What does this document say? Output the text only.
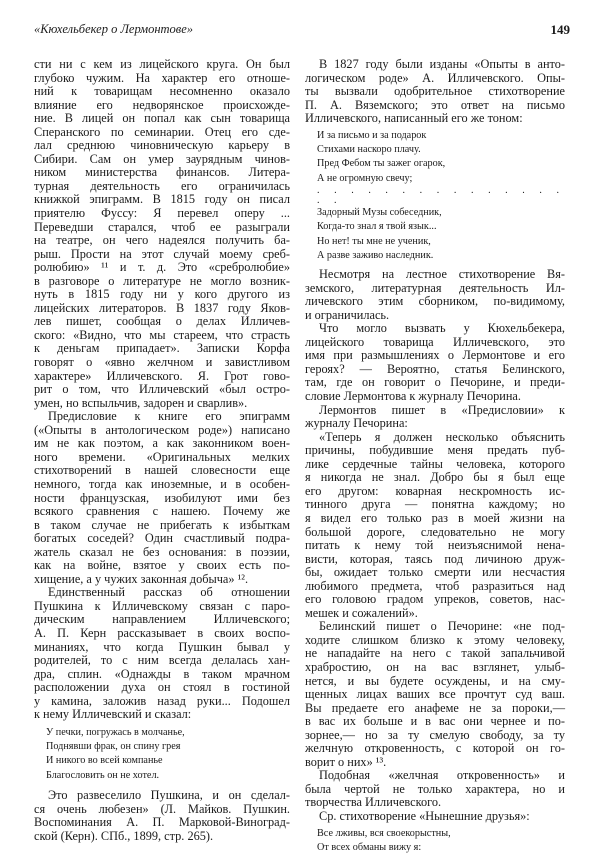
«Кюхельбекер о Лермонтове»	149
сти ни с кем из лицейского круга. Он был
глубоко чужим. На характер его отноше-
ний к товарищам несомненно оказало
влияние его недворянское происхожде-
ние. В лицей он попал как сын товарища
Сперанского по семинарии. Отец его сде-
лал среднюю чиновническую карьеру в
Сибири. Сам он умер заурядным чинов-
ником министерства финансов. Литера-
турная деятельность его ограничилась
книжкой эпиграмм. В 1815 году он писал
приятелю Фуссу: Я перевел оперу ...
Переведши старался, чтоб ее разыграли
на театре, он чего надеялся получить ба-
рыш. Прости на этот случай моему среб-
ролюбию» ¹¹ и т. д. Это «сребролюбие»
в разговоре о литературе не могло возник-
нуть в 1815 году ни у кого другого из
лицейских литераторов. В 1837 году Яков-
лев пишет, сообщая о делах Илличев-
ского: «Видно, что мы стареем, что страсть
к деньгам припадает». Записки Корфа
говорят о «явно желчном и завистливом
характере» Илличевского. Я. Грот гово-
рит о том, что Илличевский «был остро-
умен, но вспыльчив, задорен и сварлив».
Предисловие к книге его эпиграмм
(«Опыты в антологическом роде») написано
им не как поэтом, а как законником воен-
ного времени. «Оригинальных мелких
стихотворений в нашей словесности еще
немного, тогда как иноземные, и в особен-
ности французская, изобилуют ими без
всякого сравнения с нашею. Почему же
в таком случае не прибегать к избыткам
богатых соседей? Один счастливый подра-
жатель сказал не без основания: в поэзии,
как на войне, взятое у своих есть по-
хищение, а у чужих законная добыча» ¹².
Единственный рассказ об отношении
Пушкина к Илличевскому связан с паро-
дическим направлением Илличевского;
А. П. Керн рассказывает в своих воспо-
минаниях, что когда Пушкин бывал у
родителей, то с ним всегда делалась хан-
дра, сплин. «Однажды в таком мрачном
расположении духа он стоял в гостиной
у камина, заложив назад руки... Подошел
к нему Илличевский и сказал:
У печки, погружась в молчанье,
Поднявши фрак, он спину грея
И никого во всей компанье
Благословить он не хотел.
Это развеселило Пушкина, и он сделал-
ся очень любезен» (Л. Майков. Пушкин.
Воспоминания А. П. Марковой-Виноград-
ской (Керн). СПб., 1899, стр. 265).
В 1827 году были изданы «Опыты в анто-
логическом роде» А. Илличевского. Опы-
ты вызвали одобрительное стихотворение
П. А. Вяземского; это ответ на письмо
Илличевского, написанный его же тоном:
И за письмо и за подарок
Стихами наскоро плачу.
Пред Фебом ты зажег огарок,
А не огромную свечу;
. . . . . . . . . . . . . . . . .
Задорный Музы собеседник,
Когда-то знал я твой язык...
Но нет! ты мне не ученик,
А разве заживо наследник.
Несмотря на лестное стихотворение Вя-
земского, литературная деятельность Ил-
личевского этим сборником, по-видимому,
и ограничилась.
Что могло вызвать у Кюхельбекера,
лицейского товарища Илличевского, это
имя при размышлениях о Лермонтове и его
героях? — Вероятно, статья Белинского,
там, где он говорит о Печорине, и преди-
словие Лермонтова к журналу Печорина.
Лермонтов пишет в «Предисловии» к
журналу Печорина:
«Теперь я должен несколько объяснить
причины, побудившие меня предать пуб-
лике сердечные тайны человека, которого
я никогда не знал. Добро бы я был еще
его другом: коварная нескромность ис-
тинного друга — понятна каждому; но
я видел его только раз в моей жизни на
большой дороге, следовательно не могу
питать к нему той неизъяснимой нена-
висти, которая, таясь под личиною друж-
бы, ожидает только смерти или несчастия
любимого предмета, чтоб разразиться над
его головою градом упреков, советов, нас-
мешек и сожалений».
Белинский пишет о Печорине: «не под-
ходите слишком близко к этому человеку,
не нападайте на него с такой запальчивой
храбростию, он на вас взглянет, улыб-
нется, и вы будете осуждены, и на сму-
щенных лицах ваших все прочтут суд ваш.
Вы предаете его анафеме не за пороки,—
в вас их больше и в вас они чернее и по-
зорнее,— но за ту смелую свободу, за ту
желчную откровенность, с которой он го-
ворит о них» ¹³.
Подобная «желчная откровенность» и
была чертой не только характера, но и
творчества Илличевского.
Ср. стихотворение «Нынешние друзья»:
Все лживы, вся своекорыстны,
От всех обманы вижу я:
